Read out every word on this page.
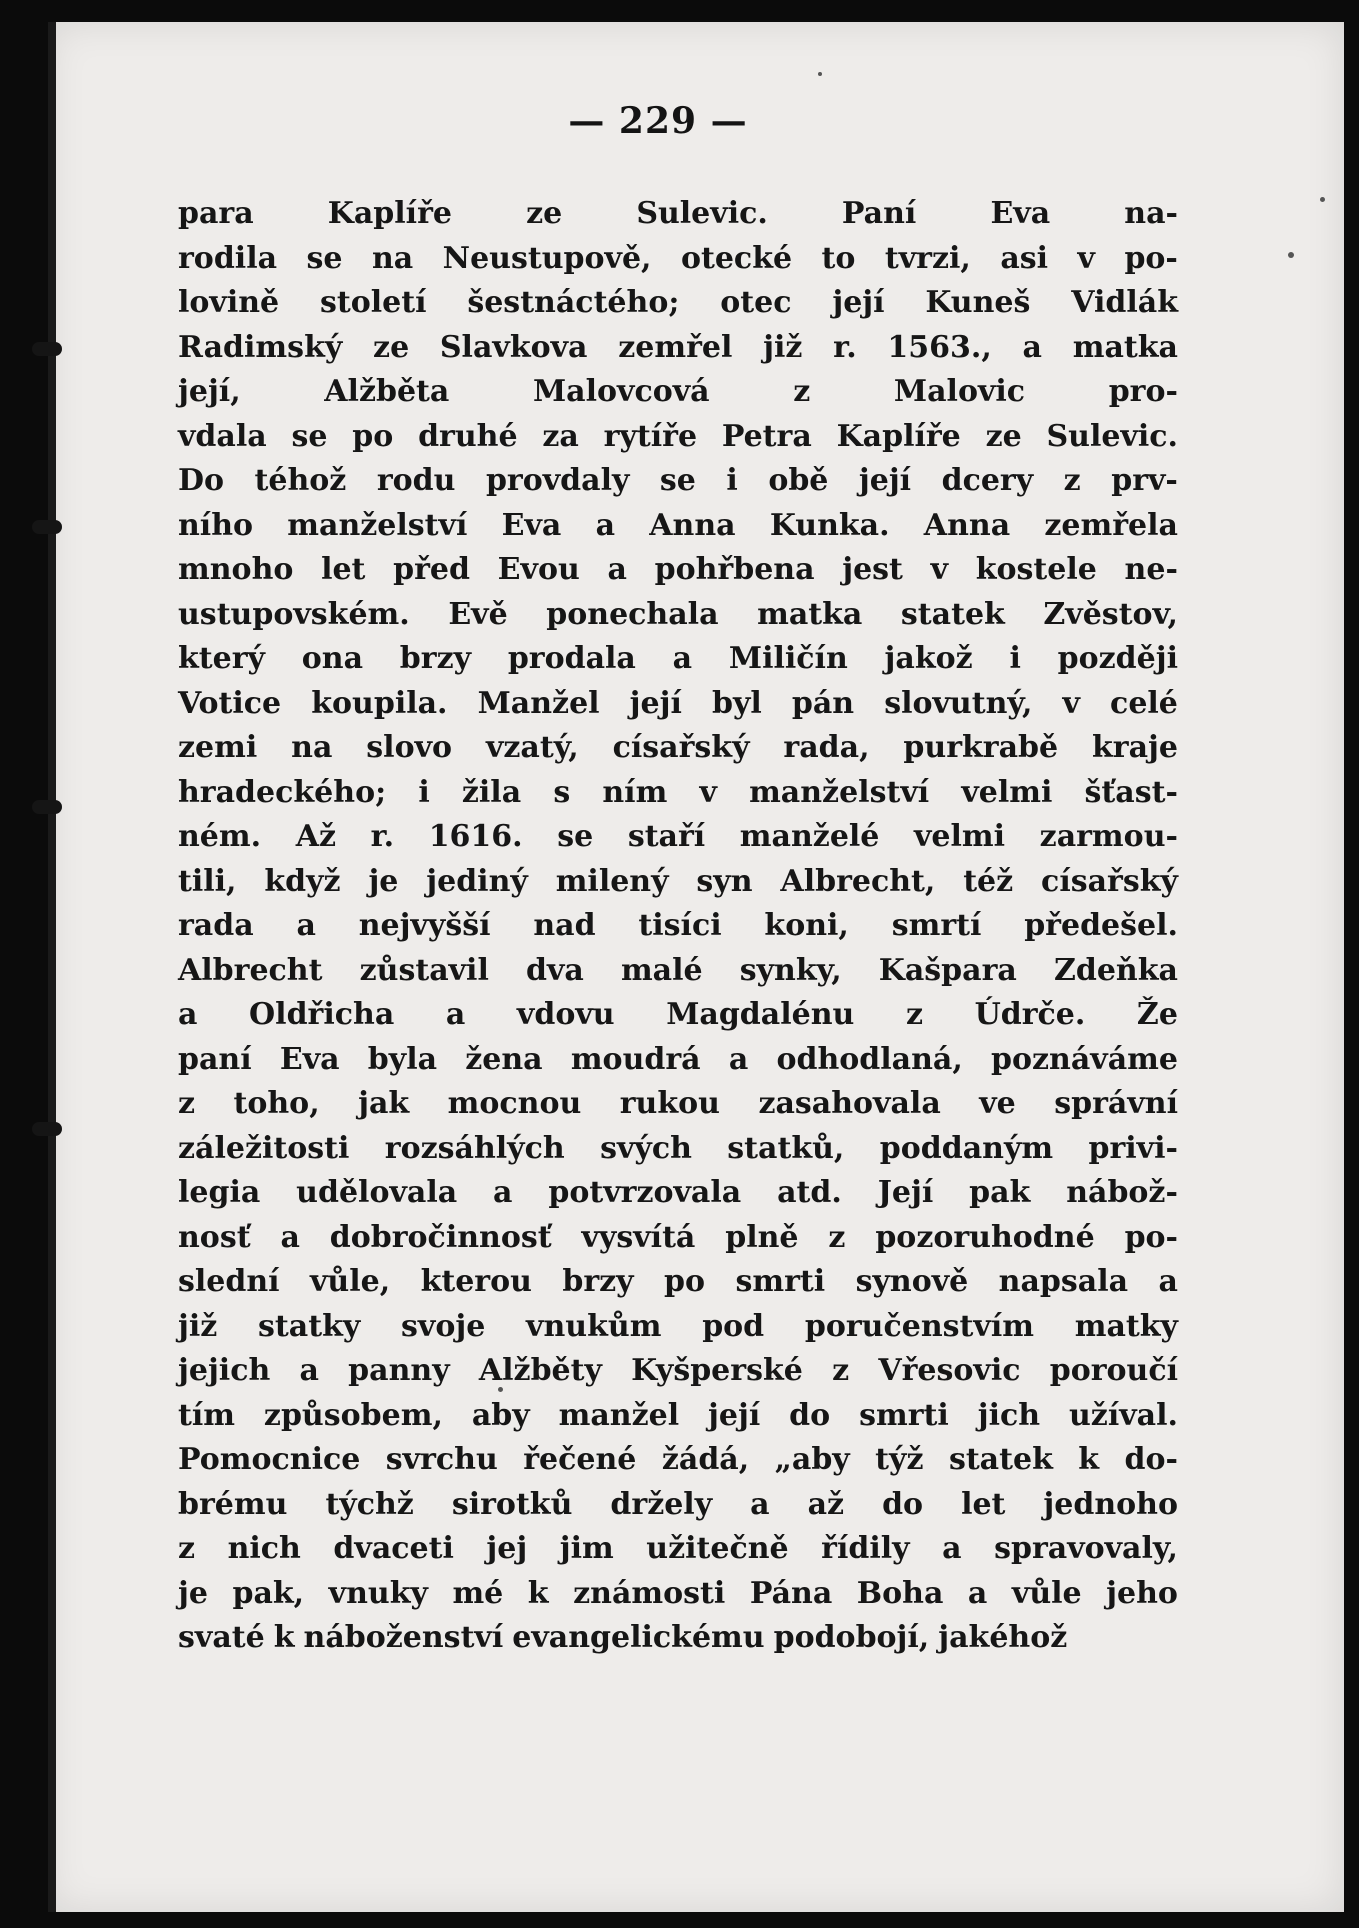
— 229 —
para Kaplíře ze Sulevic. Paní Eva na-
rodila se na Neustupově, otecké to tvrzi, asi v po-
lovině století šestnáctého; otec její Kuneš Vidlák
Radimský ze Slavkova zemřel již r. 1563., a matka
její,	Alžběta	Malovcová	z	Malovic	pro-
vdala se po druhé za rytíře Petra Kaplíře ze Sulevic.
Do téhož rodu provdaly se i obě její dcery z prv-
ního manželství Eva a Anna Kunka. Anna zemřela
mnoho let před Evou a pohřbena jest v kostele ne-
ustupovském. Evě ponechala matka statek Zvěstov,
který ona brzy prodala a Miličín jakož i později
Votice koupila. Manžel její byl pán slovutný, v celé
zemi na slovo vzatý, císařský rada, purkrabě kraje
hradeckého; i žila s ním v manželství velmi šťast-
ném. Až r. 1616. se staří manželé velmi zarmou-
tili, když je jediný milený syn Albrecht, též císařský
rada a nejvyšší nad tisíci koni, smrtí předešel.
Albrecht zůstavil dva malé synky, Kašpara Zdeňka
a Oldřicha a vdovu Magdalénu z Údrče. Že
paní Eva byla žena moudrá a odhodlaná, poznáváme
z toho, jak mocnou rukou zasahovala ve správní
záležitosti rozsáhlých svých statků, poddaným privi-
legia udělovala a potvrzovala atd. Její pak nábož-
nosť a dobročinnosť vysvítá plně z pozoruhodné po-
slední vůle, kterou brzy po smrti synově napsala a
již statky svoje vnukům pod poručenstvím matky
jejich a panny Alžběty Kyšperské z Vřesovic poroučí
tím způsobem, aby manžel její do smrti jich užíval.
Pomocnice svrchu řečené žádá, „aby týž statek k do-
brému týchž sirotků držely a až do let jednoho
z nich dvaceti jej jim užitečně řídily a spravovaly,
je pak, vnuky mé k známosti Pána Boha a vůle jeho
svaté k náboženství evangelickému podobojí, jakéhož
